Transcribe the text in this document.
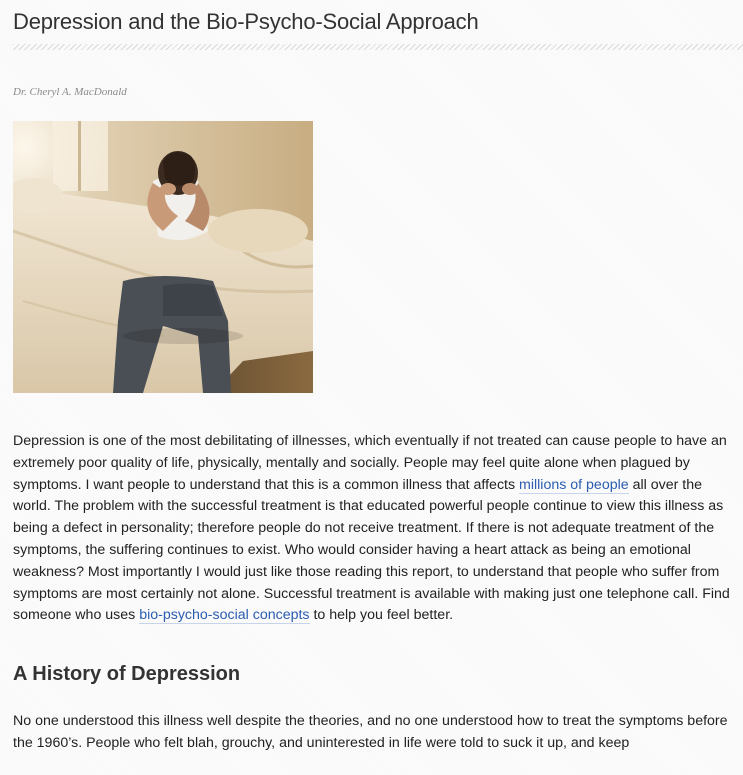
Depression and the Bio-Psycho-Social Approach
Dr. Cheryl A. MacDonald

Depression is one of the most debilitating of illnesses, which eventually if not treated can cause people to have an extremely poor quality of life, physically, mentally and socially. People may feel quite alone when plagued by symptoms. I want people to understand that this is a common illness that affects millions of people all over the world. The problem with the successful treatment is that educated powerful people continue to view this illness as being a defect in personality; therefore people do not receive treatment. If there is not adequate treatment of the symptoms, the suffering continues to exist. Who would consider having a heart attack as being an emotional weakness? Most importantly I would just like those reading this report, to understand that people who suffer from symptoms are most certainly not alone. Successful treatment is available with making just one telephone call. Find someone who uses bio-psycho-social concepts to help you feel better.

A History of Depression

No one understood this illness well despite the theories, and no one understood how to treat the symptoms before the 1960’s. People who felt blah, grouchy, and uninterested in life were told to suck it up, and keep
